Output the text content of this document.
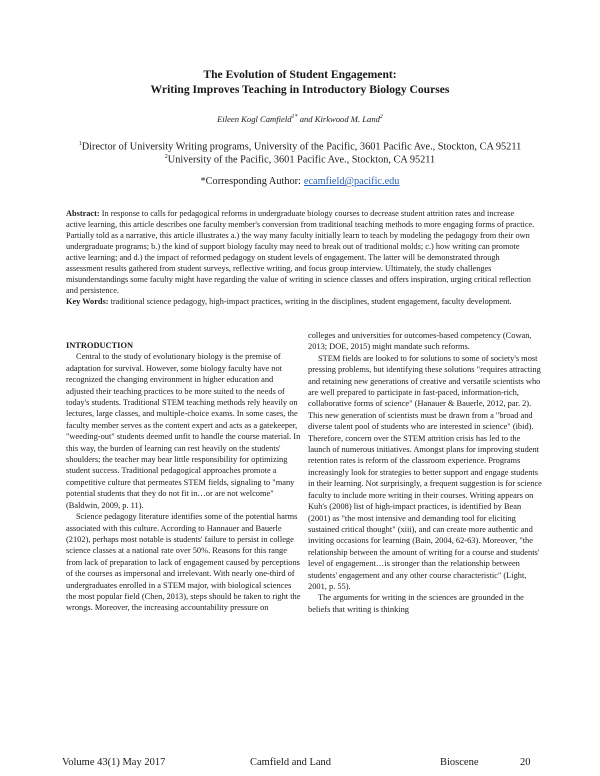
The Evolution of Student Engagement:
Writing Improves Teaching in Introductory Biology Courses
Eileen Kogl Camfield$^{1*}$ and Kirkwood M. Land$^2$
$^1$Director of University Writing programs, University of the Pacific, 3601 Pacific Ave., Stockton, CA 95211
$^2$University of the Pacific, 3601 Pacific Ave., Stockton, CA 95211
*Corresponding Author: ecamfield@pacific.edu
Abstract: In response to calls for pedagogical reforms in undergraduate biology courses to decrease student attrition rates and increase active learning, this article describes one faculty member's conversion from traditional teaching methods to more engaging forms of practice. Partially told as a narrative, this article illustrates a.) the way many faculty initially learn to teach by modeling the pedagogy from their own undergraduate programs; b.) the kind of support biology faculty may need to break out of traditional molds; c.) how writing can promote active learning; and d.) the impact of reformed pedagogy on student levels of engagement. The latter will be demonstrated through assessment results gathered from student surveys, reflective writing, and focus group interview. Ultimately, the study challenges misunderstandings some faculty might have regarding the value of writing in science classes and offers inspiration, urging critical reflection and persistence.
Key Words: traditional science pedagogy, high-impact practices, writing in the disciplines, student engagement, faculty development.
INTRODUCTION

Central to the study of evolutionary biology is the premise of adaptation for survival. However, some biology faculty have not recognized the changing environment in higher education and adjusted their teaching practices to be more suited to the needs of today's students. Traditional STEM teaching methods rely heavily on lectures, large classes, and multiple-choice exams. In some cases, the faculty member serves as the content expert and acts as a gatekeeper, "weeding-out" students deemed unfit to handle the course material. In this way, the burden of learning can rest heavily on the students' shoulders; the teacher may bear little responsibility for optimizing student success. Traditional pedagogical approaches promote a competitive culture that permeates STEM fields, signaling to "many potential students that they do not fit in…or are not welcome" (Baldwin, 2009, p. 11).

Science pedagogy literature identifies some of the potential harms associated with this culture. According to Hannauer and Bauerle (2102), perhaps most notable is students' failure to persist in college science classes at a national rate over 50%. Reasons for this range from lack of preparation to lack of engagement caused by perceptions of the courses as impersonal and irrelevant. With nearly one-third of undergraduates enrolled in a STEM major, with biological sciences the most popular field (Chen, 2013), steps should be taken to right the wrongs. Moreover, the increasing accountability pressure on

colleges and universities for outcomes-based competency (Cowan, 2013; DOE, 2015) might mandate such reforms.

STEM fields are looked to for solutions to some of society's most pressing problems, but identifying these solutions "requires attracting and retaining new generations of creative and versatile scientists who are well prepared to participate in fast-paced, information-rich, collaborative forms of science" (Hanauer & Bauerle, 2012, par. 2). This new generation of scientists must be drawn from a "broad and diverse talent pool of students who are interested in science" (ibid). Therefore, concern over the STEM attrition crisis has led to the launch of numerous initiatives. Amongst plans for improving student retention rates is reform of the classroom experience. Programs increasingly look for strategies to better support and engage students in their learning. Not surprisingly, a frequent suggestion is for science faculty to include more writing in their courses. Writing appears on Kuh's (2008) list of high-impact practices, is identified by Bean (2001) as "the most intensive and demanding tool for eliciting sustained critical thought" (xiii), and can create more authentic and inviting occasions for learning (Bain, 2004, 62-63). Moreover, "the relationship between the amount of writing for a course and students' level of engagement…is stronger than the relationship between students' engagement and any other course characteristic" (Light, 2001, p. 55).

The arguments for writing in the sciences are grounded in the beliefs that writing is thinking

Volume 43(1) May 2017	Camfield and Land	Bioscene	20
